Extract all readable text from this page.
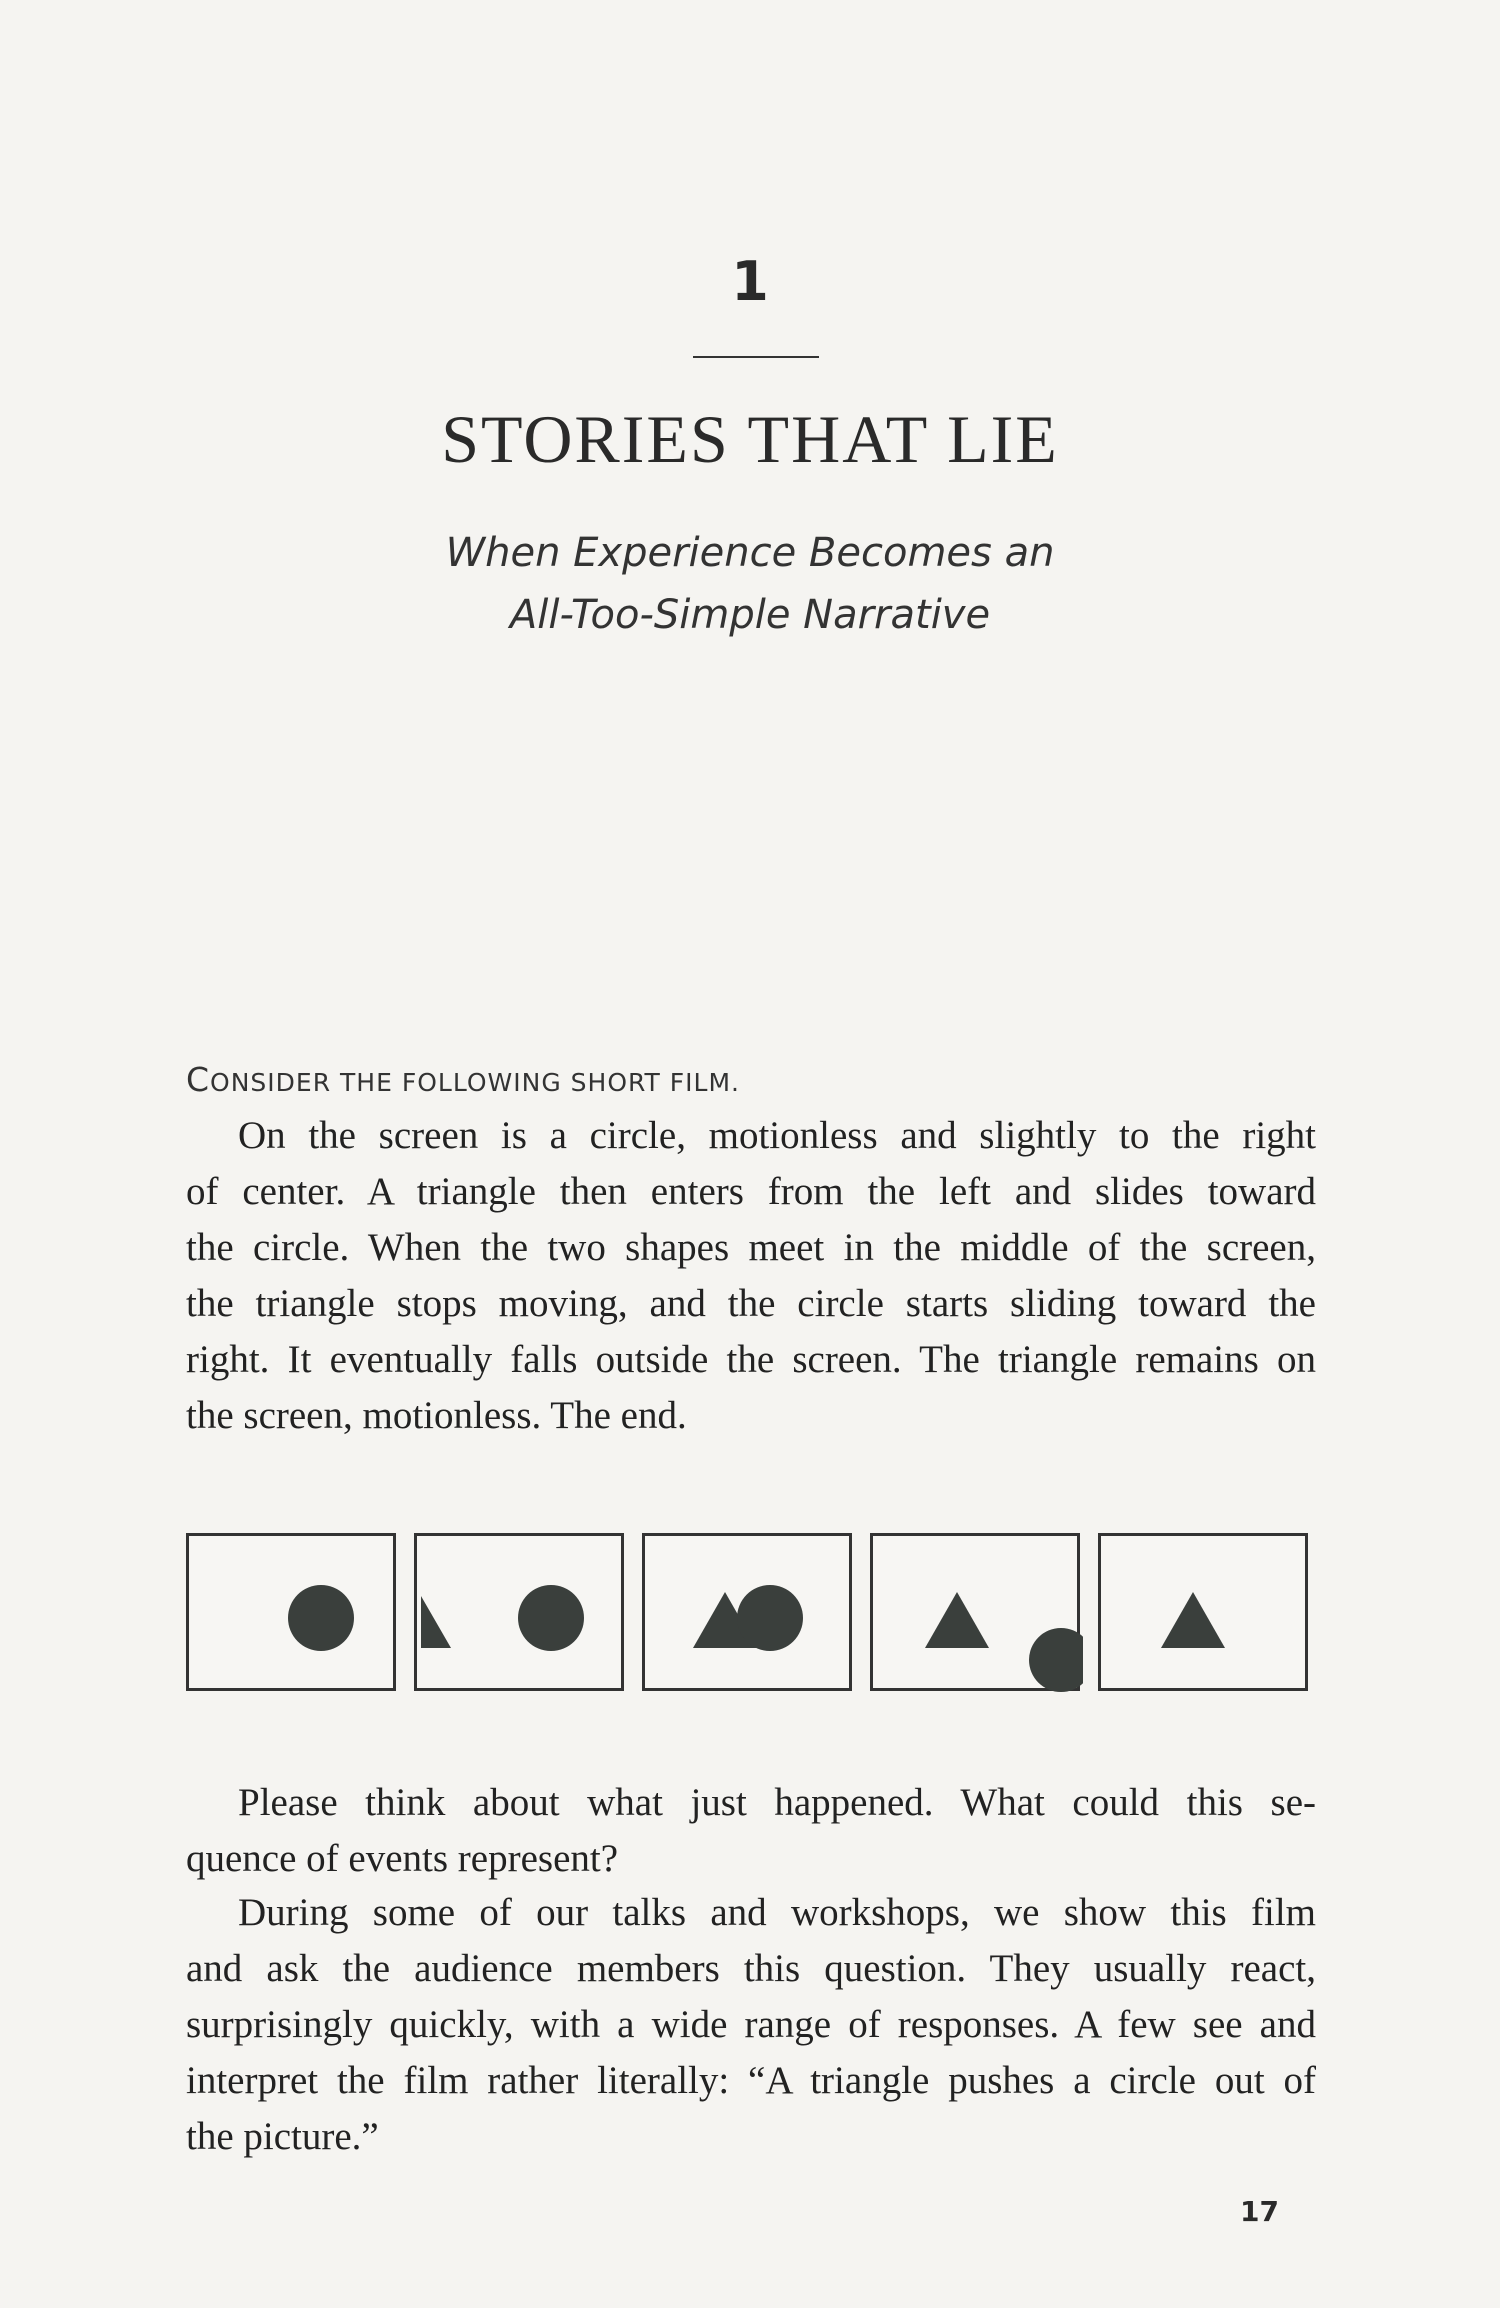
1
STORIES THAT LIE
When Experience Becomes an
All-Too-Simple Narrative
CONSIDER THE FOLLOWING SHORT FILM.

On the screen is a circle, motionless and slightly to the right
of center. A triangle then enters from the left and slides toward
the circle. When the two shapes meet in the middle of the screen,
the triangle stops moving, and the circle starts sliding toward the
right. It eventually falls outside the screen. The triangle remains on
the screen, motionless. The end.

Please think about what just happened. What could this se-
quence of events represent?

During some of our talks and workshops, we show this film
and ask the audience members this question. They usually react,
surprisingly quickly, with a wide range of responses. A few see and
interpret the film rather literally: “A triangle pushes a circle out of
the picture.”

17
